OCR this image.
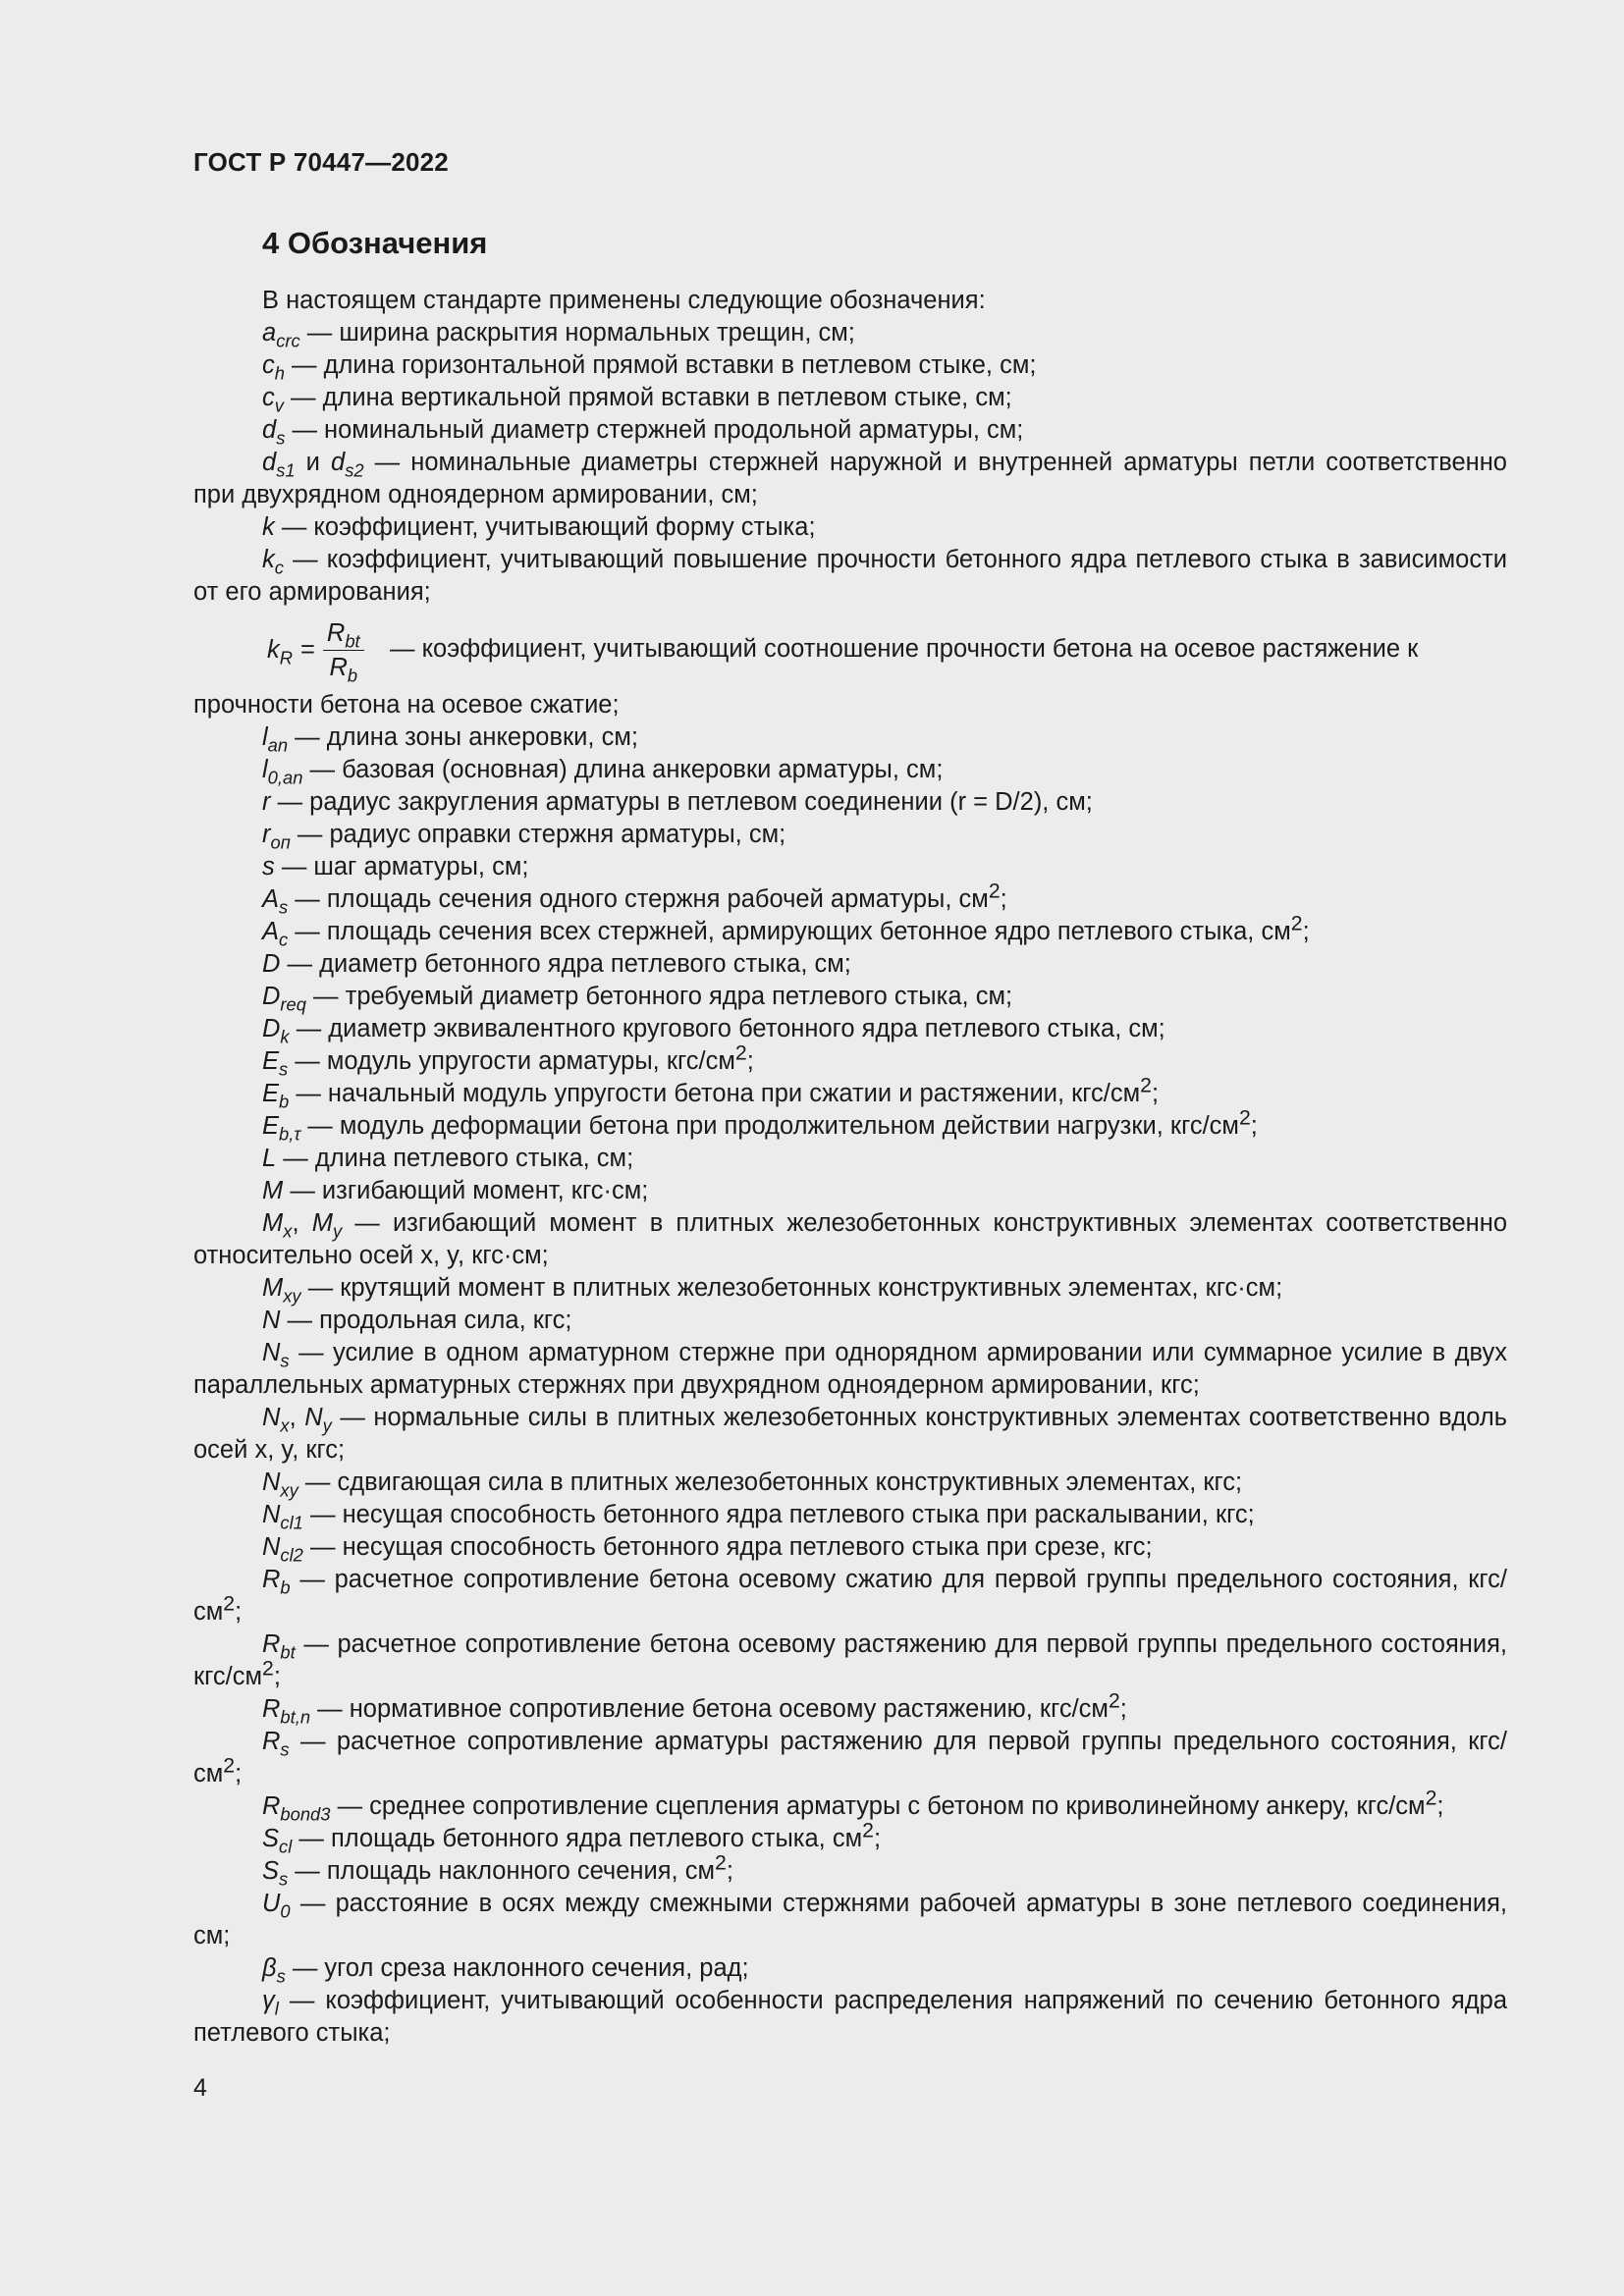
ГОСТ Р 70447—2022
4 Обозначения

В настоящем стандарте применены следующие обозначения:

$a_{crc}$ — ширина раскрытия нормальных трещин, см;

$c_h$ — длина горизонтальной прямой вставки в петлевом стыке, см;

$c_v$ — длина вертикальной прямой вставки в петлевом стыке, см;

$d_s$ — номинальный диаметр стержней продольной арматуры, см;

$d_{s1}$ и $d_{s2}$ — номинальные диаметры стержней наружной и внутренней арматуры петли соответственно при двухрядном одноядерном армировании, см;

k — коэффициент, учитывающий форму стыка;

$k_c$ — коэффициент, учитывающий повышение прочности бетонного ядра петлевого стыка в зависимости от его армирования;

— коэффициент, учитывающий соотношение прочности бетона на осевое растяжение к
$k_R = \frac{R_{bt}}{R_b}$

прочности бетона на осевое сжатие;

$l_{an}$ — длина зоны анкеровки, см;

$l_{0,an}$ — базовая (основная) длина анкеровки арматуры, см;

r — радиус закругления арматуры в петлевом соединении (r = D/2), см;

$r_{оп}$ — радиус оправки стержня арматуры, см;

s — шаг арматуры, см;

$A_s$ — площадь сечения одного стержня рабочей арматуры, $см^2$;

$A_c$ — площадь сечения всех стержней, армирующих бетонное ядро петлевого стыка, $см^2$;

D — диаметр бетонного ядра петлевого стыка, см;

$D_{req}$ — требуемый диаметр бетонного ядра петлевого стыка, см;

$D_k$ — диаметр эквивалентного кругового бетонного ядра петлевого стыка, см;

$E_s$ — модуль упругости арматуры, кгс/$см^2$;

$E_b$ — начальный модуль упругости бетона при сжатии и растяжении, кгс/$см^2$;

$E_{b,\tau}$ — модуль деформации бетона при продолжительном действии нагрузки, кгс/$см^2$;

L — длина петлевого стыка, см;

M — изгибающий момент, кгс·см;

$M_x$, $M_y$ — изгибающий момент в плитных железобетонных конструктивных элементах соответственно относительно осей x, y, кгс·см;

$M_{xy}$ — крутящий момент в плитных железобетонных конструктивных элементах, кгс·см;

N — продольная сила, кгс;

$N_s$ — усилие в одном арматурном стержне при однорядном армировании или суммарное усилие в двух параллельных арматурных стержнях при двухрядном одноядерном армировании, кгс;

$N_x$, $N_y$ — нормальные силы в плитных железобетонных конструктивных элементах соответственно вдоль осей x, y, кгс;

$N_{xy}$ — сдвигающая сила в плитных железобетонных конструктивных элементах, кгс;

$N_{cl1}$ — несущая способность бетонного ядра петлевого стыка при раскалывании, кгс;

$N_{cl2}$ — несущая способность бетонного ядра петлевого стыка при срезе, кгс;

$R_b$ — расчетное сопротивление бетона осевому сжатию для первой группы предельного состояния, кгс/$см^2$;

$R_{bt}$ — расчетное сопротивление бетона осевому растяжению для первой группы предельного состояния, кгс/$см^2$;

$R_{bt,n}$ — нормативное сопротивление бетона осевому растяжению, кгс/$см^2$;

$R_s$ — расчетное сопротивление арматуры растяжению для первой группы предельного состояния, кгс/$см^2$;

$R_{bond3}$ — среднее сопротивление сцепления арматуры с бетоном по криволинейному анкеру, кгс/$см^2$;

$S_{cl}$ — площадь бетонного ядра петлевого стыка, $см^2$;

$S_s$ — площадь наклонного сечения, $см^2$;

$U_0$ — расстояние в осях между смежными стержнями рабочей арматуры в зоне петлевого соединения, см;

$\beta_s$ — угол среза наклонного сечения, рад;

$\gamma_l$ — коэффициент, учитывающий особенности распределения напряжений по сечению бетонного ядра петлевого стыка;

4
